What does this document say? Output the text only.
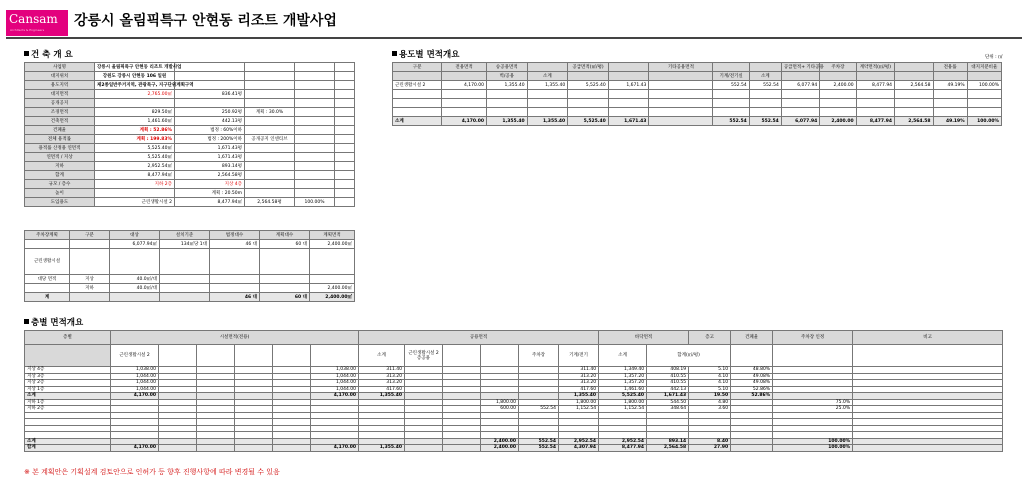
Cansam
Architects & Engineers
강릉시 올림픽특구 안현동 리조트 개발사업
건 축 개 요	용도별 면적개요	단위 : ㎡
층별 면적개요
사업명	강릉시 올림픽특구 안현동 리조트 개발사업				
대지위치	강원도 강릉시 안현동 106 일원				
용도지역	제2종일반주거지역, 관광특구, 지구단위계획구역				
대지면적	2,765.00㎡	836.41평			
공개공지					
조경면적	829.50㎡	250.92평	계획 : 30.0%		
건축면적	1,461.60㎡	442.13평			
건폐율	계획 : 52.86%	법정 : 60%이하			
전체 용적률	계획 : 199.83%	법정 : 200%이하	공개공지 인센티브		
용적률 산정용 연면적	5,525.40㎡	1,671.43평			
연면적 / 지상	5,525.40㎡	1,671.43평			
지하	2,952.54㎡	893.14평			
합계	8,477.94㎡	2,564.58평			
규모 / 층수	지하 2층	지상 4층			
높이		계획 : 20.50m			
도입용도	근린생활시설 2	8,477.94㎡	2,564.58평	100.00%	
주차장계획	구분	대상	설치기준	법정대수	계획대수	계획면적
		6,077.94㎡	134㎡당 1대	46 대	60 대	2,400.00㎡
근린생활시설						
대당 면적	지상	40.0㎡/대				
	지하	40.0㎡/대				2,400.00㎡
계				46 대	60 대	2,400.00㎡
구분	전용면적	승공용면적		공급면적(㎡/평)		기타공용면적			공급면적+ 기타공용	주차장	계약면적(㎡/평)		전용률	대지지분비율
		벽/공용	소계				기계/전기실	소계						
근린생활시설 2	4,170.00	1,355.40	1,355.40	5,525.40	1,671.43		552.54	552.54	6,077.94	2,400.00	8,477.94	2,564.58	49.19%	100.00%

소계	4,170.00	1,355.40	1,355.40	5,525.40	1,671.43		552.54	552.54	6,077.94	2,400.00	8,477.94	2,564.58	49.19%	100.00%
층별	시설면적(전용)						공용면적						바닥면적		층고	건폐율	주차장 인정	비고	
	근린생활시설 2						소계	근린생활시설 2 층공용			주차장	기계/전기	소계	합계(㎡/평)					
지상 4층	1,038.00					1,038.00	311.40					311.40	1,349.40	408.19	5.10	48.80%			
지상 3층	1,044.00					1,044.00	313.20					313.20	1,357.20	410.55	4.10	49.08%			
지상 2층	1,044.00					1,044.00	313.20					313.20	1,357.20	410.55	4.10	49.08%			
지상 1층	1,044.00					1,044.00	417.60					417.60	1,461.60	442.13	5.10	52.86%			
소계	4,170.00					4,170.00	1,355.40					1,355.40	5,525.40	1,671.43	19.50	52.86%			
지하 1층										1,800.00		1,800.00	1,800.00	544.50	4.80		75.0%		
지하 2층										600.00	552.54	1,152.54	1,152.54	348.64	3.60		25.0%		

소계										2,400.00	552.54	2,952.54	2,952.54	893.14	8.40		100.00%		
합계	4,170.00					4,170.00	1,355.40			2,400.00	552.54	4,307.94	8,477.94	2,564.58	27.90		100.00%		
※ 본 계획안은 기획설계 검토안으로 인허가 등 향후 진행사항에 따라 변경될 수 있음
